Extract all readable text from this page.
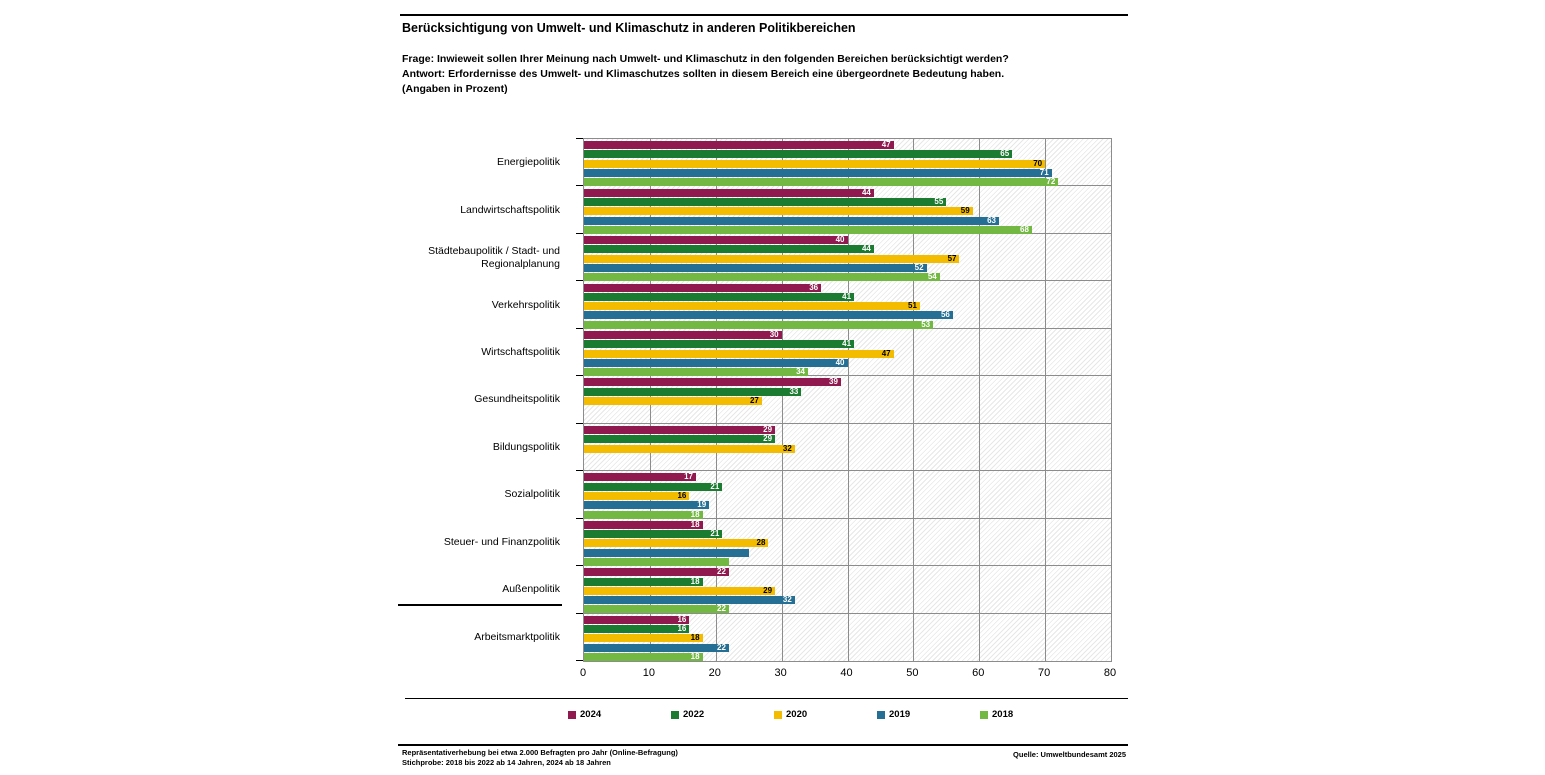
Berücksichtigung von Umwelt- und Klimaschutz in anderen Politikbereichen
Frage: Inwieweit sollen Ihrer Meinung nach Umwelt- und Klimaschutz in den folgenden Bereichen berücksichtigt werden?
Antwort: Erfordernisse des Umwelt- und Klimaschutzes sollten in diesem Bereich eine übergeordnete Bedeutung haben.
(Angaben in Prozent)
Energiepolitik
Landwirtschaftspolitik
Städtebaupolitik / Stadt- und Regionalplanung
Verkehrspolitik
Wirtschaftspolitik
Gesundheitspolitik
Bildungspolitik
Sozialpolitik
Steuer- und Finanzpolitik
Außenpolitik
Arbeitsmarktpolitik
47
65
70
71
72
44
55
59
63
68
40
44
57
52
54
36
41
51
56
53
30
41
47
40
34
39
33
27
29
29
32
17
21
16
19
18
18
21
28
22
18
29
32
22
16
16
18
22
18
0	10	20	30	40	50	60	70	80
2024	2022	2020	2019	2018
Repräsentativerhebung bei etwa 2.000 Befragten pro Jahr (Online-Befragung)
Stichprobe: 2018 bis 2022 ab 14 Jahren, 2024 ab 18 Jahren
Quelle: Umweltbundesamt 2025
